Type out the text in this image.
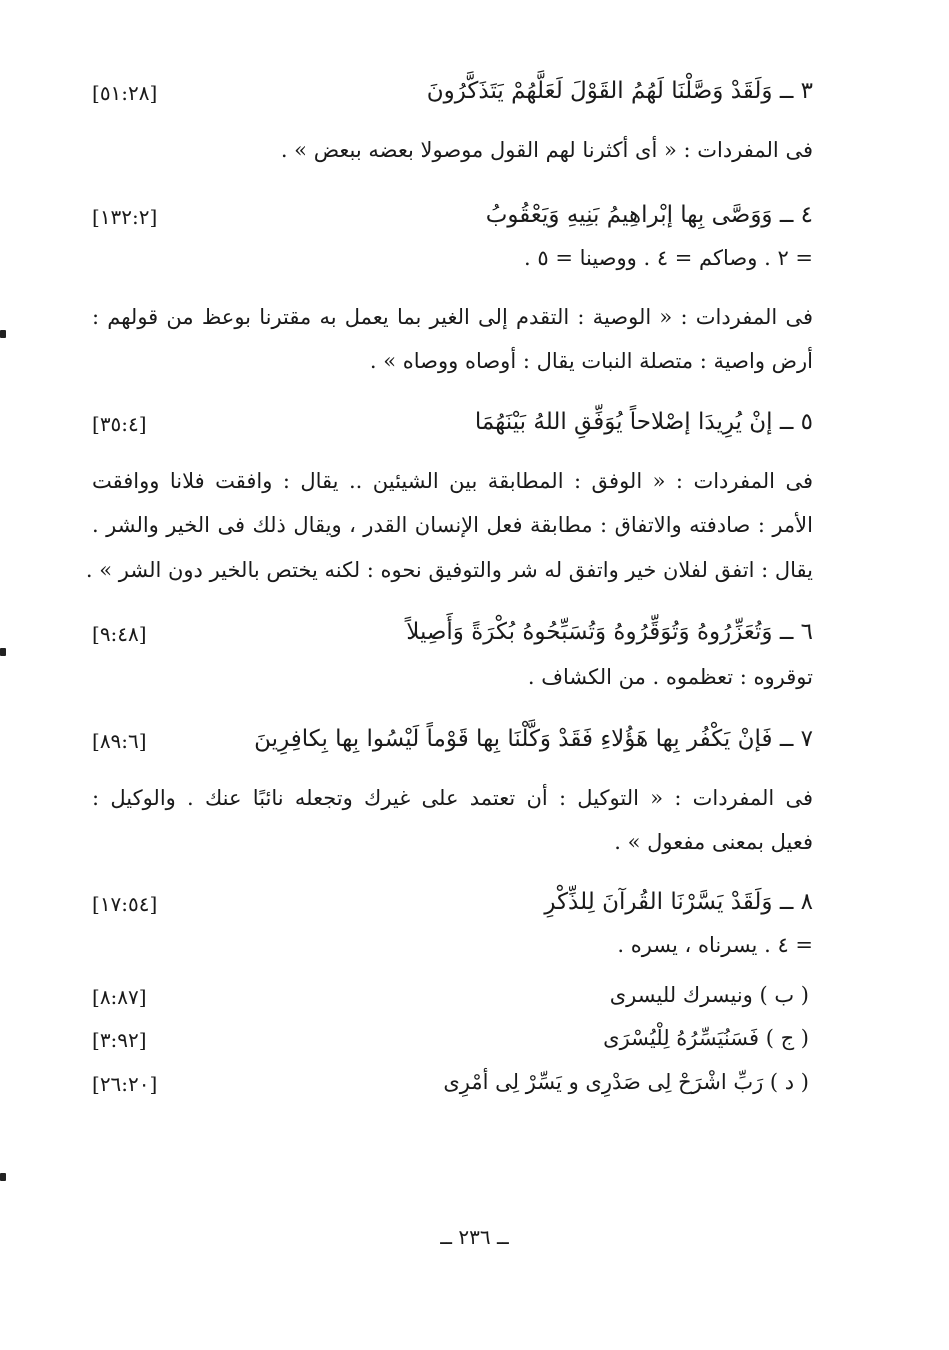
٣ ــ وَلَقَدْ وَصَّلْنَا لَهُمُ القَوْلَ لَعَلَّهُمْ يَتَذَكَّرُونَ
[٥١:٢٨]
فى المفردات : « أى أكثرنا لهم القول موصولا بعضه ببعض » .
٤ ــ وَوَصَّى بِها إبْراهِيمُ بَنِيهِ وَيَعْقُوبُ
[١٣٢:٢]
= ٢ . وصاكم = ٤ . ووصينا = ٥ .
فى المفردات : « الوصية : التقدم إلى الغير بما يعمل به مقترنا بوعظ من قولهم :
أرض واصية : متصلة النبات يقال : أوصاه ووصاه » .
٥ ــ إنْ يُرِيدَا إصْلاحاً يُوَفِّقِ اللهُ بَيْنَهُمَا
[٣٥:٤]
فى المفردات : « الوفق : المطابقة بين الشيئين .. يقال : وافقت فلانا ووافقت
الأمر : صادفته والاتفاق : مطابقة فعل الإنسان القدر ، ويقال ذلك فى الخير والشر .
يقال : اتفق لفلان خير واتفق له شر والتوفيق نحوه : لكنه يختص بالخير دون الشر » .
٦ ــ وَتُعَزِّرُوهُ وَتُوَقِّرُوهُ وَتُسَبِّحُوهُ بُكْرَةً وَأَصِيلاً
[٩:٤٨]
توقروه : تعظموه . من الكشاف .
٧ ــ فَإنْ يَكْفُر بِها هَؤُلاءِ فَقَدْ وَكَّلْنَا بِها قَوْماً لَيْسُوا بِها بِكافِرِينَ
[٨٩:٦]
فى المفردات : « التوكيل : أن تعتمد على غيرك وتجعله نائبًا عنك . والوكيل :
فعيل بمعنى مفعول » .
٨ ــ وَلَقَدْ يَسَّرْنَا القُرآنَ لِلذِّكْرِ
[١٧:٥٤]
= ٤ . يسرناه ، يسره .
( ب ) ونيسرك لليسرى
[٨:٨٧]
( ج ) فَسَنُيَسِّرُهُ لِلْيُسْرَى
[٣:٩٢]
( د ) رَبِّ اشْرَحْ لِى صَدْرِى و يَسِّرْ لِى أمْرِى
[٢٦:٢٠]
ــ ٢٣٦ ــ
